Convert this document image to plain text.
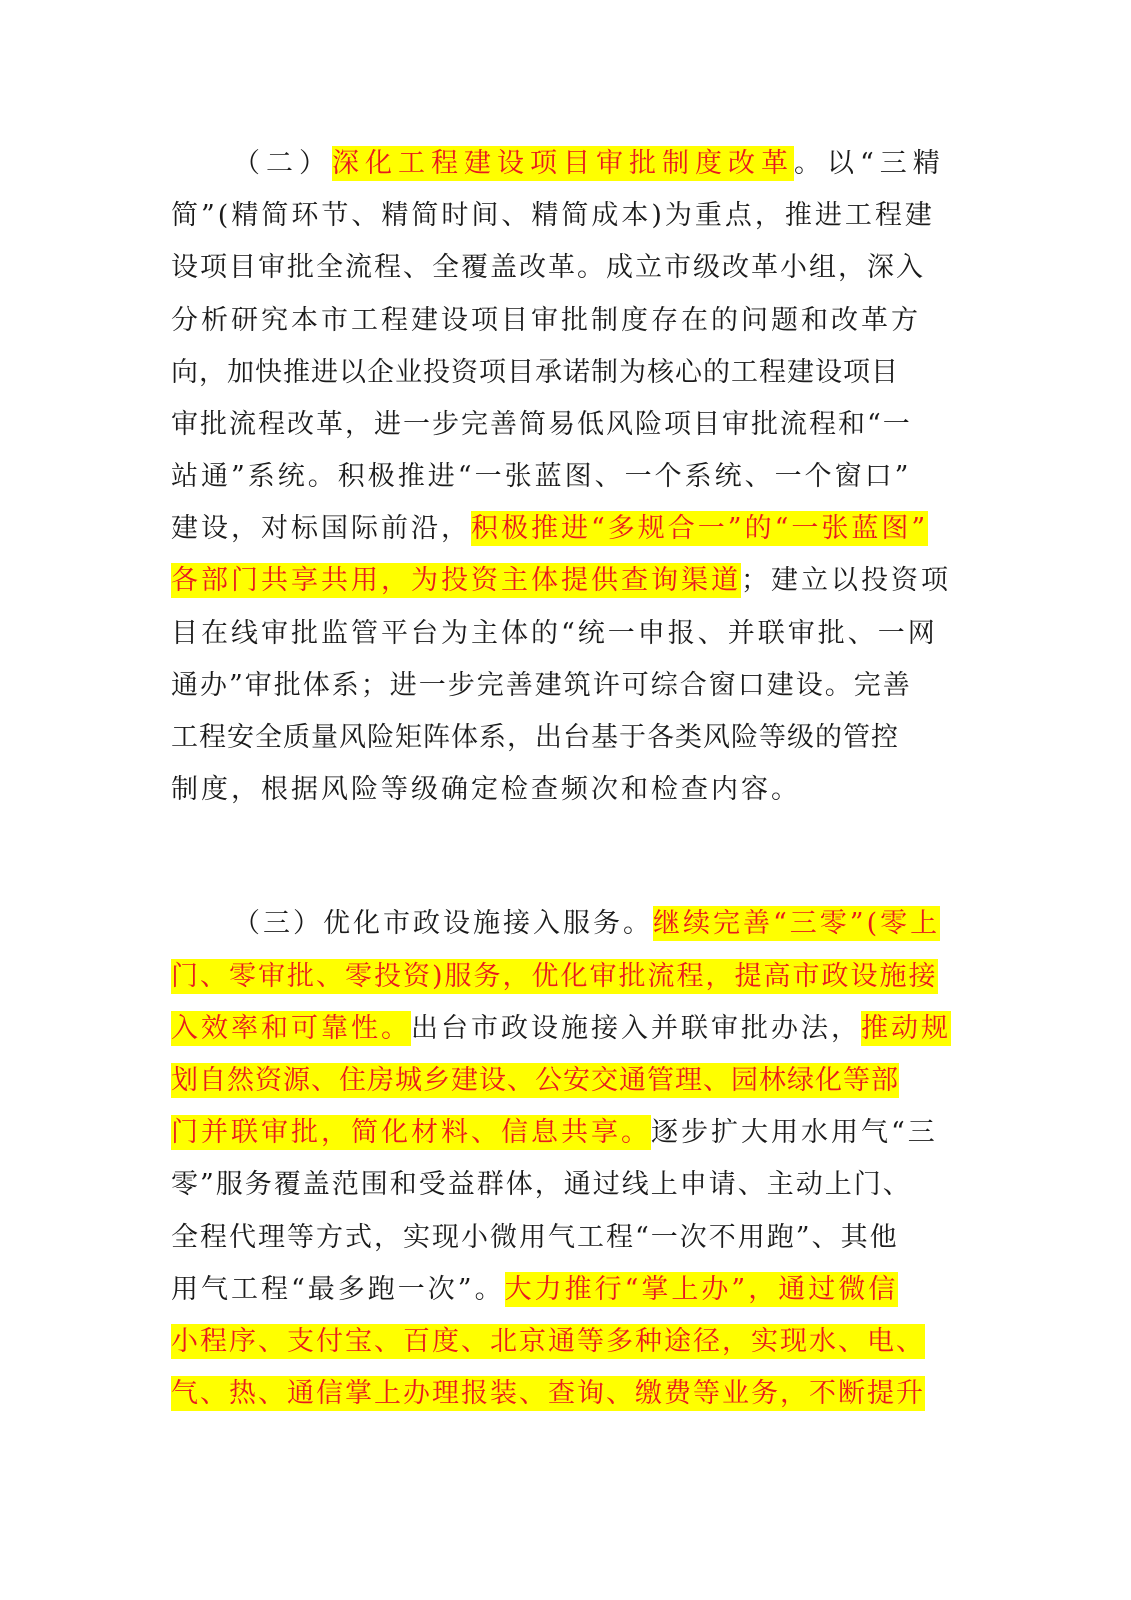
（二）深化工程建设项目审批制度改革。以“三精
简”(精简环节、精简时间、精简成本)为重点，推进工程建
设项目审批全流程、全覆盖改革。成立市级改革小组，深入
分析研究本市工程建设项目审批制度存在的问题和改革方
向，加快推进以企业投资项目承诺制为核心的工程建设项目
审批流程改革，进一步完善简易低风险项目审批流程和“一
站通”系统。积极推进“一张蓝图、一个系统、一个窗口”
建设，对标国际前沿，积极推进“多规合一”的“一张蓝图”
各部门共享共用，为投资主体提供查询渠道；建立以投资项
目在线审批监管平台为主体的“统一申报、并联审批、一网
通办”审批体系；进一步完善建筑许可综合窗口建设。完善
工程安全质量风险矩阵体系，出台基于各类风险等级的管控
制度，根据风险等级确定检查频次和检查内容。
（三）优化市政设施接入服务。继续完善“三零”(零上
门、零审批、零投资)服务，优化审批流程，提高市政设施接
入效率和可靠性。出台市政设施接入并联审批办法，推动规
划自然资源、住房城乡建设、公安交通管理、园林绿化等部
门并联审批，简化材料、信息共享。逐步扩大用水用气“三
零”服务覆盖范围和受益群体，通过线上申请、主动上门、
全程代理等方式，实现小微用气工程“一次不用跑”、其他
用气工程“最多跑一次”。大力推行“掌上办”，通过微信
小程序、支付宝、百度、北京通等多种途径，实现水、电、
气、热、通信掌上办理报装、查询、缴费等业务，不断提升
